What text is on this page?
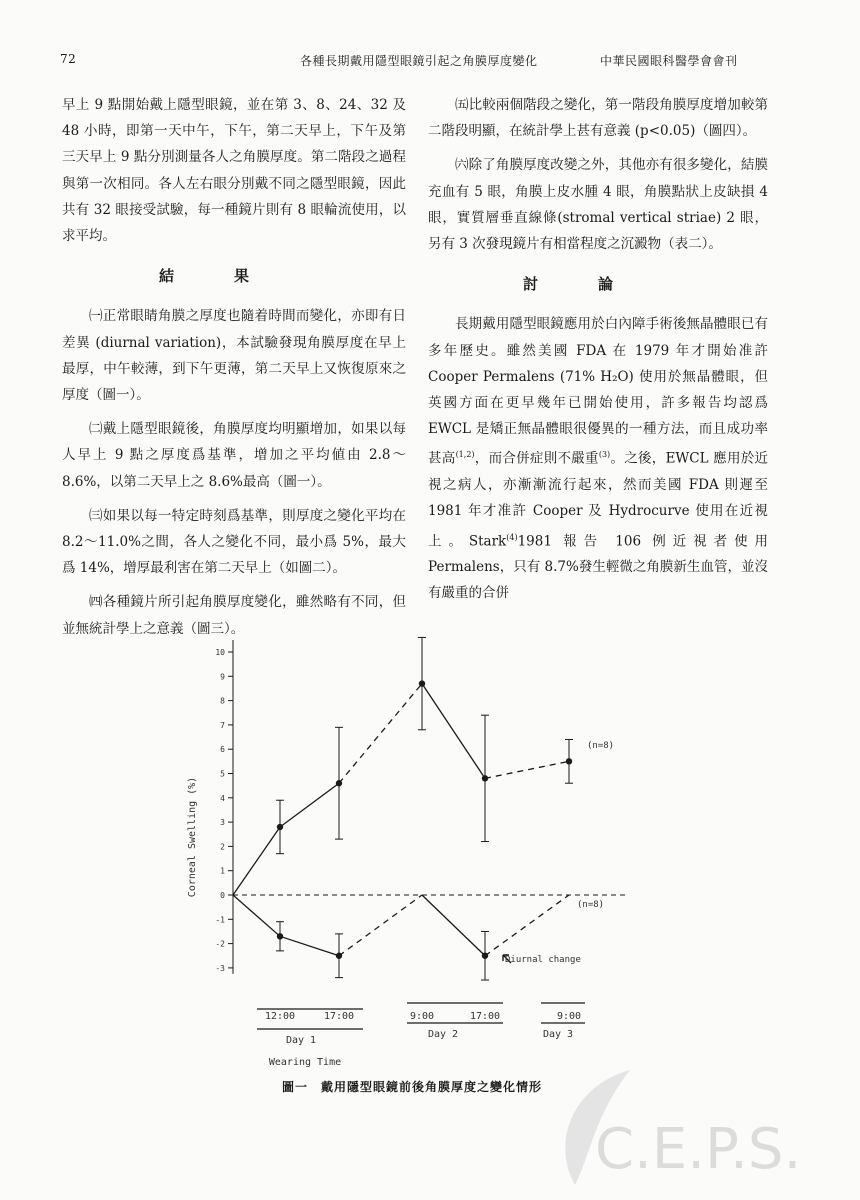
72	各種長期戴用隱型眼鏡引起之角膜厚度變化	中華民國眼科醫學會會刊

早上 9 點開始戴上隱型眼鏡，並在第 3、8、24、32 及 48 小時，即第一天中午，下午，第二天早上，下午及第三天早上 9 點分別測量各人之角膜厚度。第二階段之過程與第一次相同。各人左右眼分別戴不同之隱型眼鏡，因此共有 32 眼接受試驗，每一種鏡片則有 8 眼輪流使用，以求平均。

結果

㈠正常眼睛角膜之厚度也隨着時間而變化，亦即有日差異 (diurnal variation)，本試驗發現角膜厚度在早上最厚，中午較薄，到下午更薄，第二天早上又恢復原來之厚度（圖一）。

㈡戴上隱型眼鏡後，角膜厚度均明顯增加，如果以每人早上 9 點之厚度爲基準，增加之平均値由 2.8～8.6%，以第二天早上之 8.6%最高（圖一）。

㈢如果以每一特定時刻爲基準，則厚度之變化平均在 8.2～11.0%之間，各人之變化不同，最小爲 5%，最大爲 14%，增厚最利害在第二天早上（如圖二）。

㈣各種鏡片所引起角膜厚度變化，雖然略有不同，但並無統計學上之意義（圖三）。

㈤比較兩個階段之變化，第一階段角膜厚度增加較第二階段明顯，在統計學上甚有意義 (p<0.05)（圖四）。

㈥除了角膜厚度改變之外，其他亦有很多變化，結膜充血有 5 眼，角膜上皮水腫 4 眼，角膜點狀上皮缺損 4 眼，實質層垂直線條(stromal vertical striae) 2 眼，另有 3 次發現鏡片有相當程度之沉澱物（表二）。

討論

長期戴用隱型眼鏡應用於白內障手術後無晶體眼已有多年歷史。雖然美國 FDA 在 1979 年才開始准許 Cooper Permalens (71% H₂O) 使用於無晶體眼，但英國方面在更早幾年已開始使用，許多報告均認爲 EWCL 是矯正無晶體眼很優異的一種方法，而且成功率甚高$^{(1,2)}$，而合併症則不嚴重$^{(3)}$。之後，EWCL 應用於近視之病人，亦漸漸流行起來，然而美國 FDA 則遲至 1981 年才准許 Cooper 及 Hydrocurve 使用在近視上。Stark$^{(4)}$1981 報告 106 例近視者使用 Permalens，只有 8.7%發生輕微之角膜新生血管，並沒有嚴重的合併

-3
-2
-1
0
1
2
3
4
5
6
7
8
9
10
12:00	17:00	9:00	17:00	9:00
Corneal Swelling (%)
(n=8)
(n=8)
Diurnal change
Wearing Time
Day 1
Day 2	Day 3
圖一　戴用隱型眼鏡前後角膜厚度之變化情形
C.E.P.S.
